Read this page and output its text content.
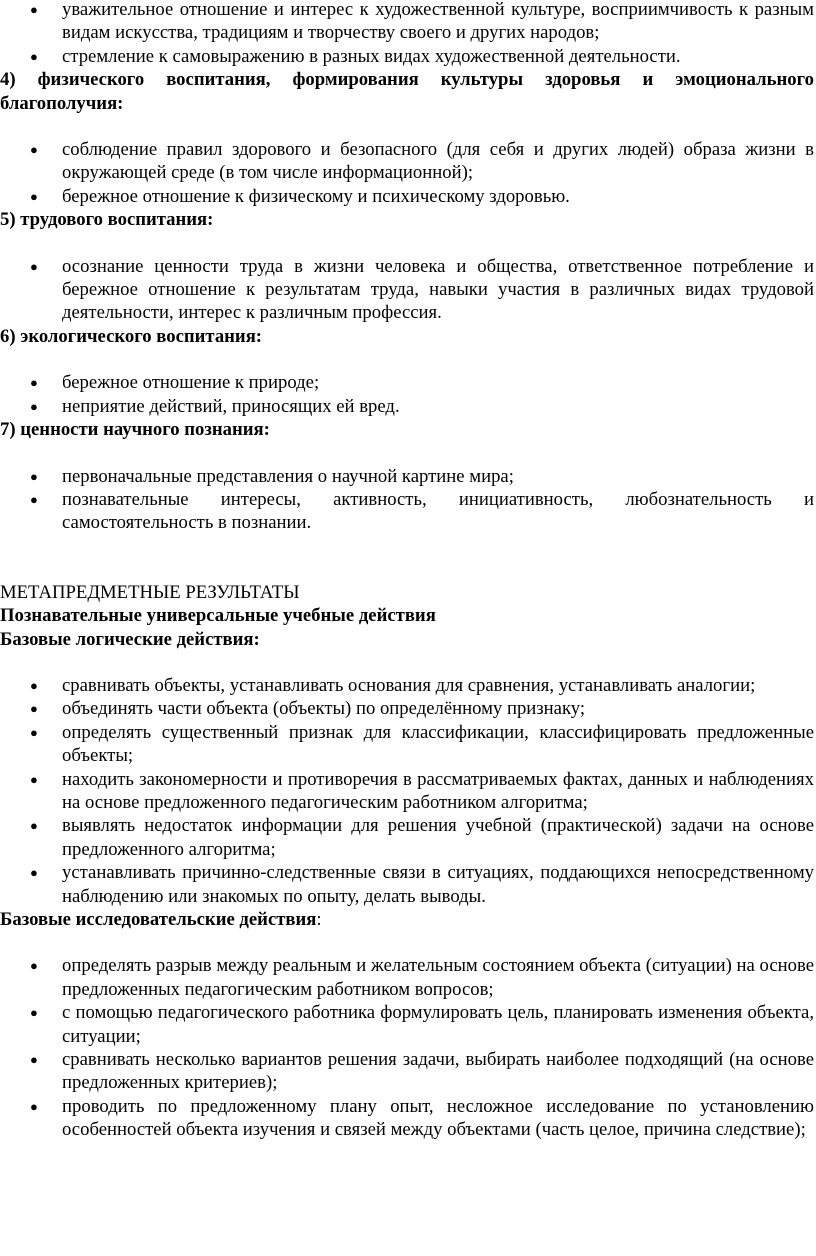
● уважительное отношение и интерес к художественной культуре, восприимчивость к разным видам искусства, традициям и творчеству своего и других народов;
● стремление к самовыражению в разных видах художественной деятельности.
4) физического воспитания, формирования культуры здоровья и эмоционального благополучия:
● соблюдение правил здорового и безопасного (для себя и других людей) образа жизни в окружающей среде (в том числе информационной);
● бережное отношение к физическому и психическому здоровью.
5) трудового воспитания:
● осознание ценности труда в жизни человека и общества, ответственное потребление и бережное отношение к результатам труда, навыки участия в различных видах трудовой деятельности, интерес к различным профессия.
6) экологического воспитания:
● бережное отношение к природе;
● неприятие действий, приносящих ей вред.
7) ценности научного познания:
● первоначальные представления о научной картине мира;
● познавательные интересы, активность, инициативность, любознательность и самостоятельность в познании.
МЕТАПРЕДМЕТНЫЕ РЕЗУЛЬТАТЫ
Познавательные универсальные учебные действия
Базовые логические действия:
● сравнивать объекты, устанавливать основания для сравнения, устанавливать аналогии;
● объединять части объекта (объекты) по определённому признаку;
● определять существенный признак для классификации, классифицировать предложенные объекты;
● находить закономерности и противоречия в рассматриваемых фактах, данных и наблюдениях на основе предложенного педагогическим работником алгоритма;
● выявлять недостаток информации для решения учебной (практической) задачи на основе предложенного алгоритма;
● устанавливать причинно-следственные связи в ситуациях, поддающихся непосредственному наблюдению или знакомых по опыту, делать выводы.
Базовые исследовательские действия:
● определять разрыв между реальным и желательным состоянием объекта (ситуации) на основе предложенных педагогическим работником вопросов;
● с помощью педагогического работника формулировать цель, планировать изменения объекта, ситуации;
● сравнивать несколько вариантов решения задачи, выбирать наиболее подходящий (на основе предложенных критериев);
● проводить по предложенному плану опыт, несложное исследование по установлению особенностей объекта изучения и связей между объектами (часть целое, причина следствие);
